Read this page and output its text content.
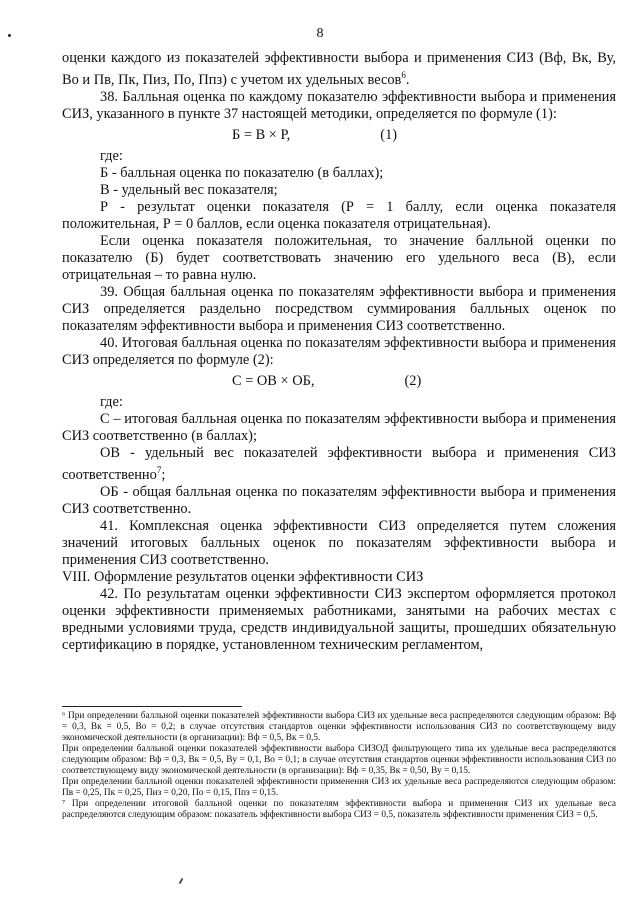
8

оценки каждого из показателей эффективности выбора и применения СИЗ (Вф, Вк, Ву, Во и Пв, Пк, Пиз, По, Ппз) с учетом их удельных весов$^6$.

38. Балльная оценка по каждому показателю эффективности выбора и применения СИЗ, указанного в пункте 37 настоящей методики, определяется по формуле (1):

Б = В × Р,	(1)

где:

Б - балльная оценка по показателю (в баллах);

В - удельный вес показателя;

Р - результат оценки показателя (Р = 1 баллу, если оценка показателя положительная, Р = 0 баллов, если оценка показателя отрицательная).

Если оценка показателя положительная, то значение балльной оценки по показателю (Б) будет соответствовать значению его удельного веса (В), если отрицательная – то равна нулю.

39. Общая балльная оценка по показателям эффективности выбора и применения СИЗ определяется раздельно посредством суммирования балльных оценок по показателям эффективности выбора и применения СИЗ соответственно.

40. Итоговая балльная оценка по показателям эффективности выбора и применения СИЗ определяется по формуле (2):

С = ОВ × ОБ,	(2)

где:

С – итоговая балльная оценка по показателям эффективности выбора и применения СИЗ соответственно (в баллах);

ОВ - удельный вес показателей эффективности выбора и применения СИЗ соответственно$^7$;

ОБ - общая балльная оценка по показателям эффективности выбора и применения СИЗ соответственно.

41. Комплексная оценка эффективности СИЗ определяется путем сложения значений итоговых балльных оценок по показателям эффективности выбора и применения СИЗ соответственно.

VIII. Оформление результатов оценки эффективности СИЗ

42. По результатам оценки эффективности СИЗ экспертом оформляется протокол оценки эффективности применяемых работниками, занятыми на рабочих местах с вредными условиями труда, средств индивидуальной защиты, прошедших обязательную сертификацию в порядке, установленном техническим регламентом,

⁶ При определении балльной оценки показателей эффективности выбора СИЗ их удельные веса распределяются следующим образом: Вф = 0,3, Вк = 0,5, Во = 0,2; в случае отсутствия стандартов оценки эффективности использования СИЗ по соответствующему виду экономической деятельности (в организации): Вф = 0,5, Вк = 0,5.

При определении балльной оценки показателей эффективности выбора СИЗОД фильтрующего типа их удельные веса распределяются следующим образом: Вф = 0,3, Вк = 0,5, Ву = 0,1, Во = 0,1; в случае отсутствия стандартов оценки эффективности использования СИЗ по соответствующему виду экономической деятельности (в организации): Вф = 0,35, Вк = 0,50, Ву = 0,15.

При определении балльной оценки показателей эффективности применения СИЗ их удельные веса распределяются следующим образом: Пв = 0,25, Пк = 0,25, Пиз = 0,20, По = 0,15, Ппз = 0,15.

⁷ При определении итоговой балльной оценки по показателям эффективности выбора и применения СИЗ их удельные веса распределяются следующим образом: показатель эффективности выбора СИЗ = 0,5, показатель эффективности применения СИЗ = 0,5.
